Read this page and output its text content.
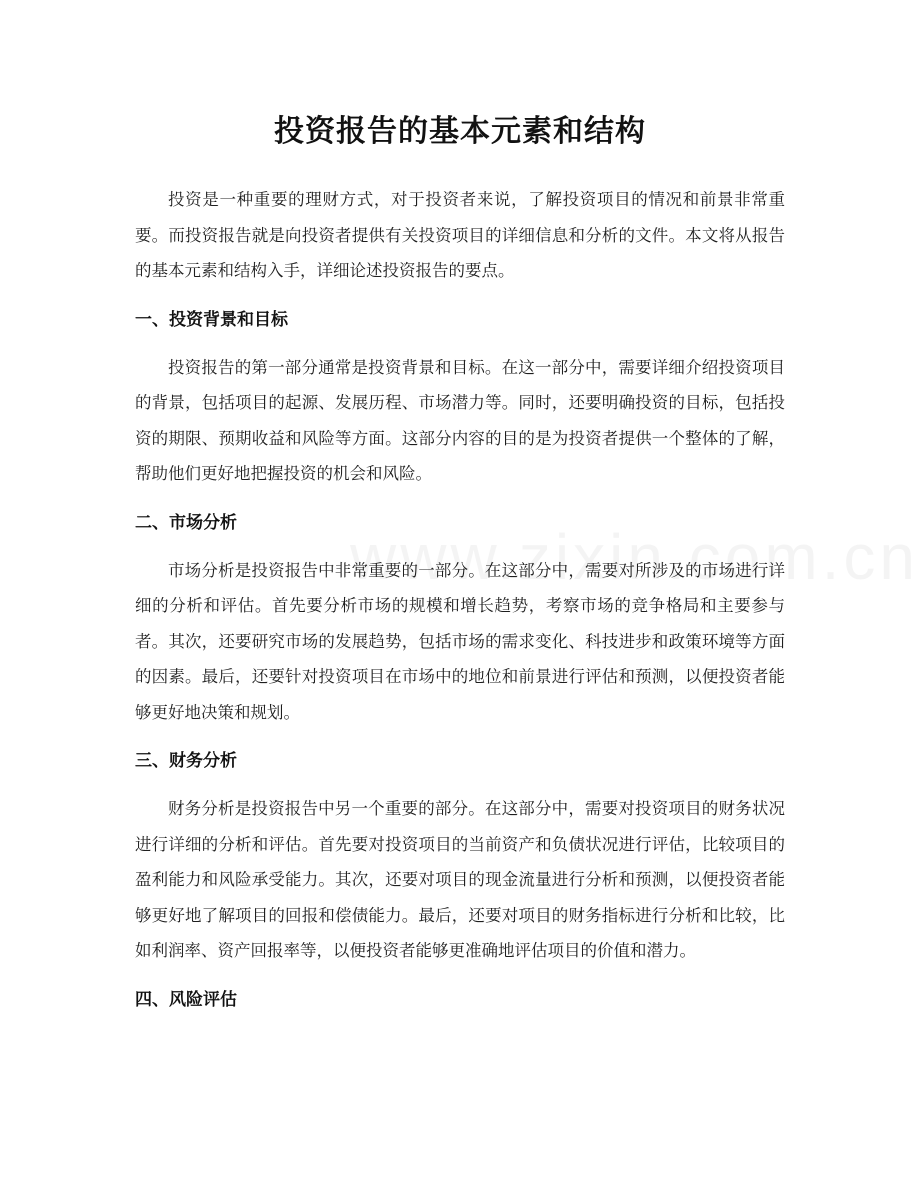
投资报告的基本元素和结构

投资是一种重要的理财方式，对于投资者来说，了解投资项目的情况和前景非常重要。而投资报告就是向投资者提供有关投资项目的详细信息和分析的文件。本文将从报告的基本元素和结构入手，详细论述投资报告的要点。

一、投资背景和目标

投资报告的第一部分通常是投资背景和目标。在这一部分中，需要详细介绍投资项目的背景，包括项目的起源、发展历程、市场潜力等。同时，还要明确投资的目标，包括投资的期限、预期收益和风险等方面。这部分内容的目的是为投资者提供一个整体的了解，帮助他们更好地把握投资的机会和风险。

二、市场分析

市场分析是投资报告中非常重要的一部分。在这部分中，需要对所涉及的市场进行详细的分析和评估。首先要分析市场的规模和增长趋势，考察市场的竞争格局和主要参与者。其次，还要研究市场的发展趋势，包括市场的需求变化、科技进步和政策环境等方面的因素。最后，还要针对投资项目在市场中的地位和前景进行评估和预测，以便投资者能够更好地决策和规划。

三、财务分析

财务分析是投资报告中另一个重要的部分。在这部分中，需要对投资项目的财务状况进行详细的分析和评估。首先要对投资项目的当前资产和负债状况进行评估，比较项目的盈利能力和风险承受能力。其次，还要对项目的现金流量进行分析和预测，以便投资者能够更好地了解项目的回报和偿债能力。最后，还要对项目的财务指标进行分析和比较，比如利润率、资产回报率等，以便投资者能够更准确地评估项目的价值和潜力。

四、风险评估
